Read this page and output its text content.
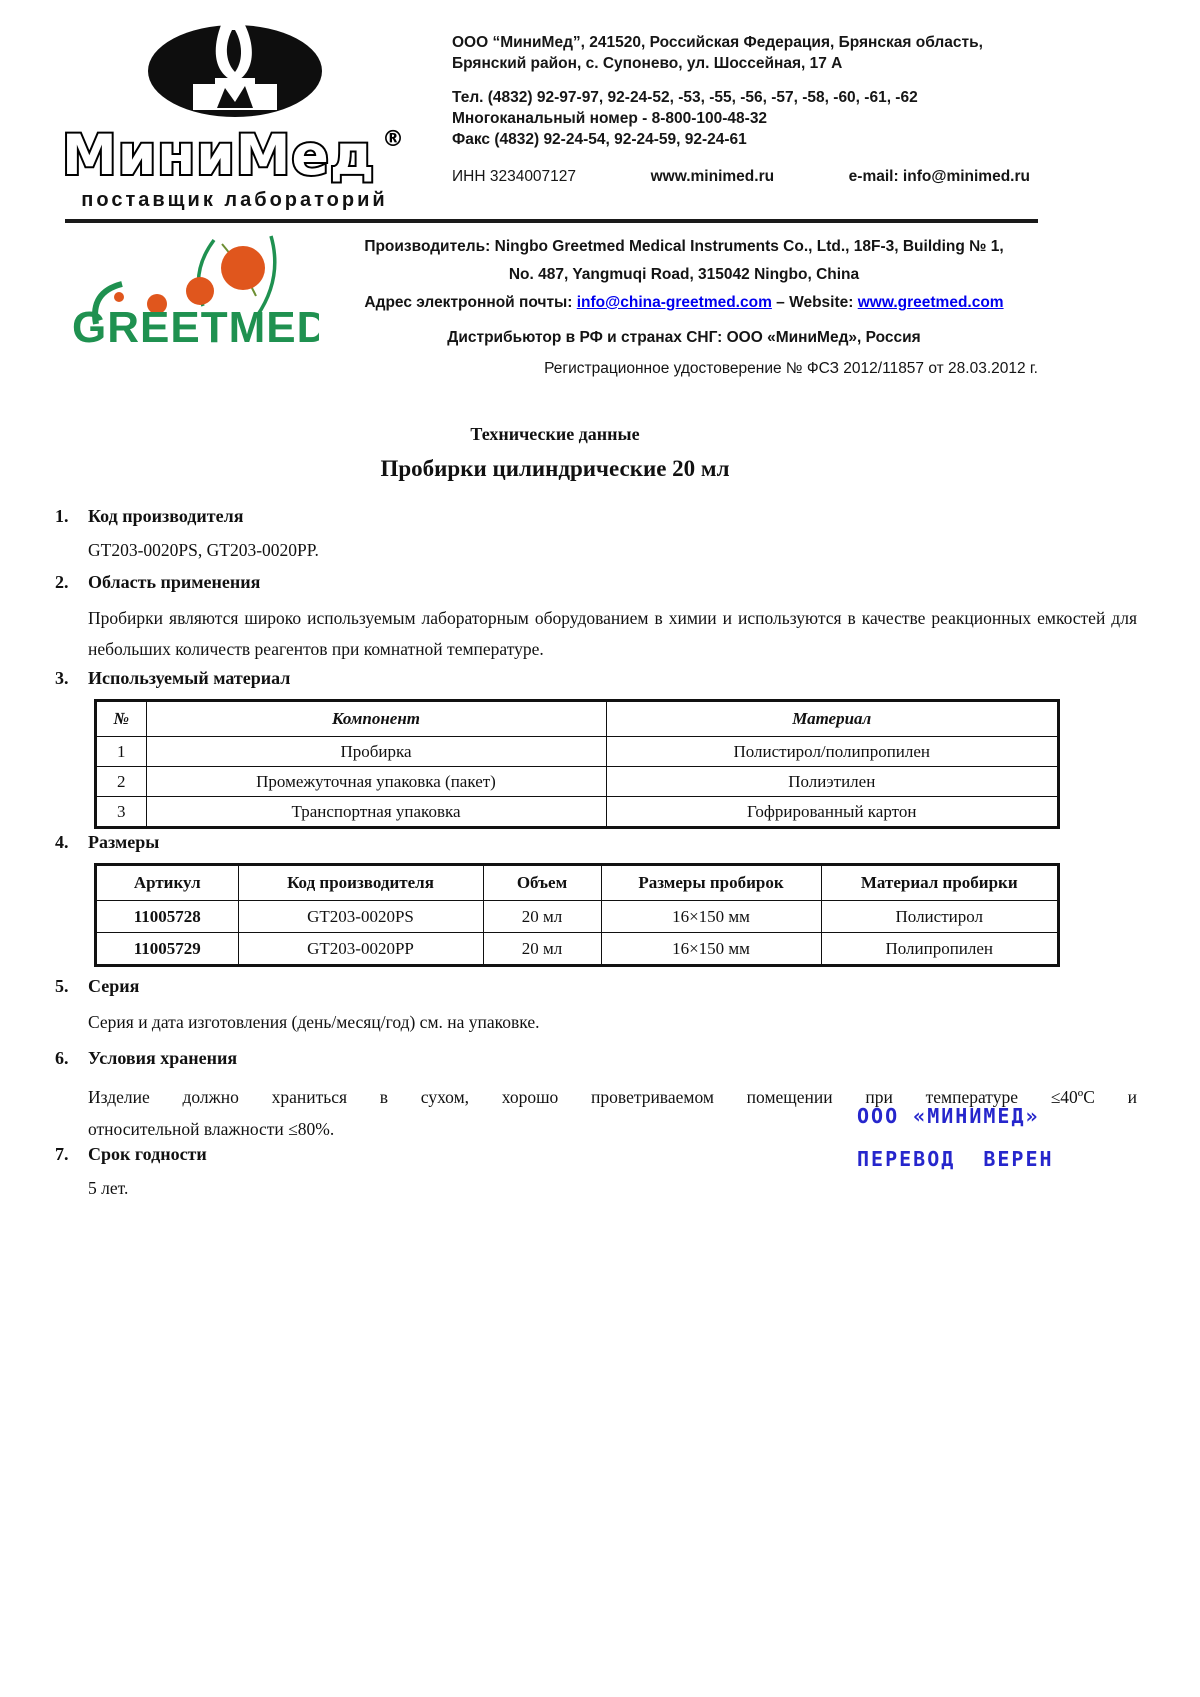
МиниМед ®
поставщик лабораторий
ООО “МиниМед”, 241520, Российская Федерация, Брянская область,
Брянский район, с. Супонево, ул. Шоссейная, 17 А
Тел. (4832) 92-97-97, 92-24-52, -53, -55, -56, -57, -58, -60, -61, -62
Многоканальный номер - 8-800-100-48-32
Факс (4832) 92-24-54, 92-24-59, 92-24-61
ИНН 3234007127	www.minimed.ru	e-mail: info@minimed.ru
GREETMED
Производитель: Ningbo Greetmed Medical Instruments Co., Ltd., 18F-3, Building № 1,
No. 487, Yangmuqi Road, 315042 Ningbo, China
Адрес электронной почты: info@china-greetmed.com – Website: www.greetmed.com
Дистрибьютор в РФ и странах СНГ: ООО «МиниМед», Россия
Регистрационное удостоверение № ФСЗ 2012/11857 от 28.03.2012 г.
Технические данные
Пробирки цилиндрические 20 мл
1. Код производителя
GT203-0020PS, GT203-0020PP.
2. Область применения
Пробирки являются широко используемым лабораторным оборудованием в химии и используются в качестве реакционных емкостей для небольших количеств реагентов при комнатной температуре.
3. Используемый материал
№	Компонент	Материал
1	Пробирка	Полистирол/полипропилен
2	Промежуточная упаковка (пакет)	Полиэтилен
3	Транспортная упаковка	Гофрированный картон
4. Размеры
Артикул	Код производителя	Объем	Размеры пробирок	Материал пробирки
11005728	GT203-0020PS	20 мл	16×150 мм	Полистирол
11005729	GT203-0020PP	20 мл	16×150 мм	Полипропилен
5. Серия
Серия и дата изготовления (день/месяц/год) см. на упаковке.
6. Условия хранения
Изделие должно храниться в сухом, хорошо проветриваемом помещении при температуре ≤40ºС и
относительной влажности ≤80%.
7. Срок годности
5 лет.
ООО «МИНИМЕД»
ПЕРЕВОД ВЕРЕН
